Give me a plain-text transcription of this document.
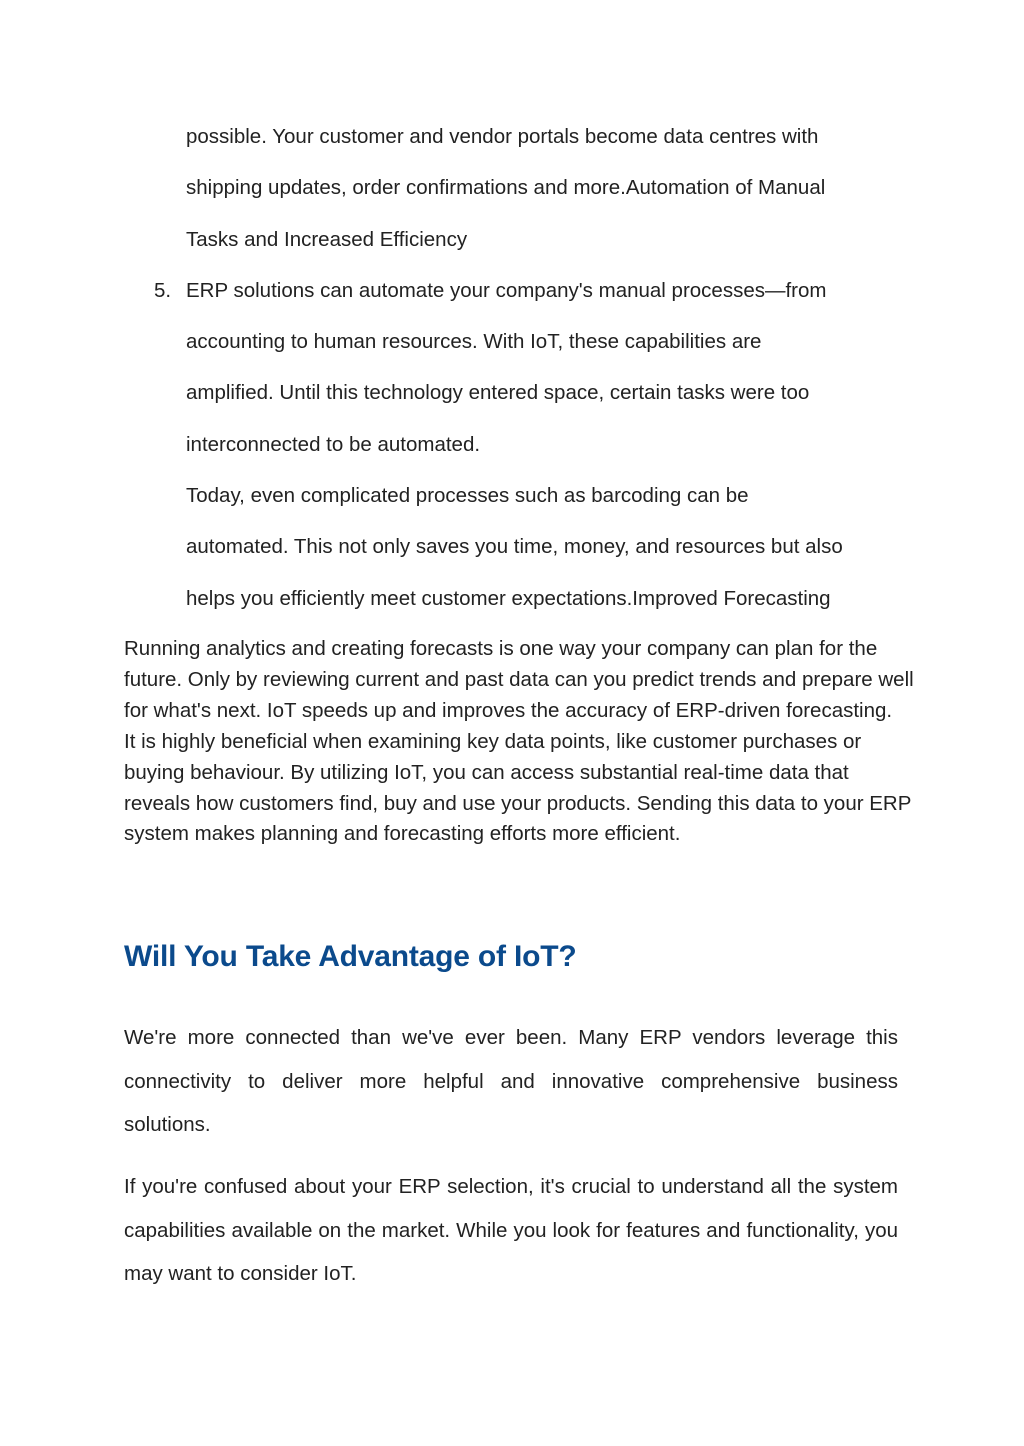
possible. Your customer and vendor portals become data centres with
shipping updates, order confirmations and more.Automation of Manual
Tasks and Increased Efficiency
5. ERP solutions can automate your company's manual processes—from
accounting to human resources. With IoT, these capabilities are
amplified. Until this technology entered space, certain tasks were too
interconnected to be automated.
Today, even complicated processes such as barcoding can be
automated. This not only saves you time, money, and resources but also
helps you efficiently meet customer expectations.Improved Forecasting

Running analytics and creating forecasts is one way your company can plan for the future. Only by reviewing current and past data can you predict trends and prepare well for what's next. IoT speeds up and improves the accuracy of ERP-driven forecasting.

It is highly beneficial when examining key data points, like customer purchases or buying behaviour. By utilizing IoT, you can access substantial real-time data that reveals how customers find, buy and use your products. Sending this data to your ERP system makes planning and forecasting efforts more efficient.

Will You Take Advantage of IoT?

We're more connected than we've ever been. Many ERP vendors leverage this connectivity to deliver more helpful and innovative comprehensive business solutions.

If you're confused about your ERP selection, it's crucial to understand all the system capabilities available on the market. While you look for features and functionality, you may want to consider IoT.
